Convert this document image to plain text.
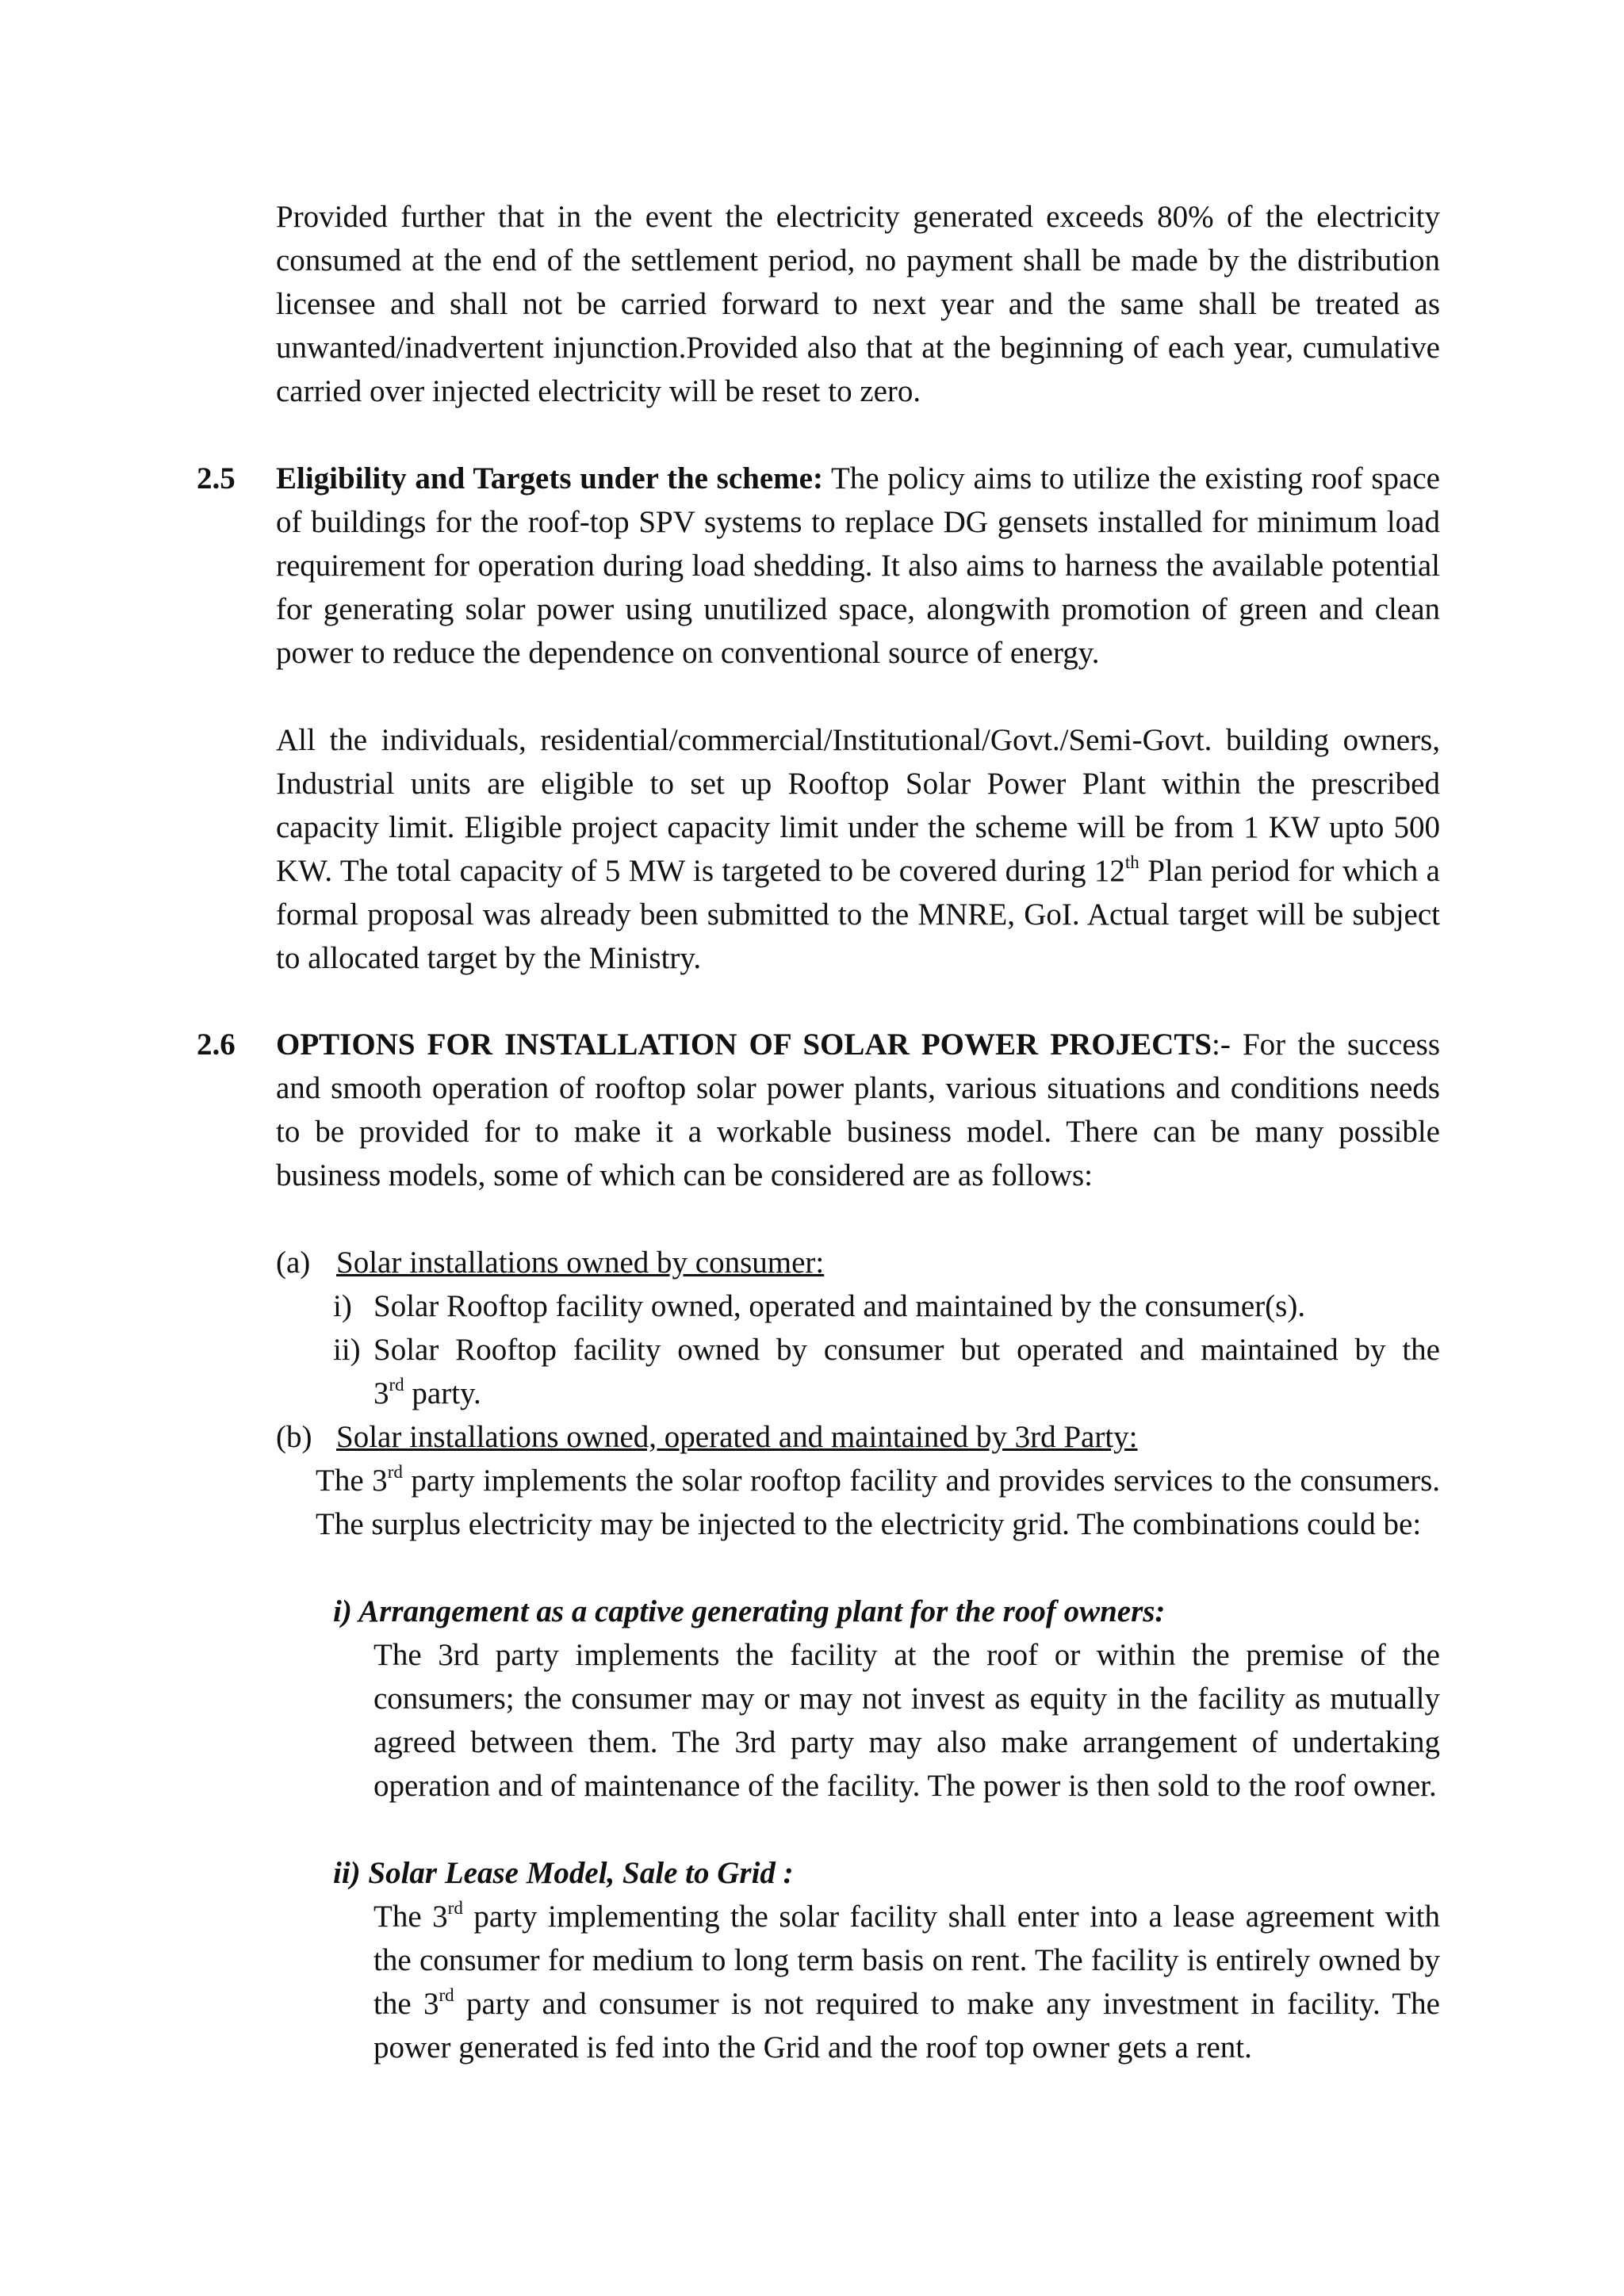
Provided further that in the event the electricity generated exceeds 80% of the electricity consumed at the end of the settlement period, no payment shall be made by the distribution licensee and shall not be carried forward to next year and the same shall be treated as unwanted/inadvertent injunction.Provided also that at the beginning of each year, cumulative carried over injected electricity will be reset to zero.
2.5 Eligibility and Targets under the scheme: The policy aims to utilize the existing roof space of buildings for the roof-top SPV systems to replace DG gensets installed for minimum load requirement for operation during load shedding. It also aims to harness the available potential for generating solar power using unutilized space, alongwith promotion of green and clean power to reduce the dependence on conventional source of energy.
All the individuals, residential/commercial/Institutional/Govt./Semi-Govt. building owners, Industrial units are eligible to set up Rooftop Solar Power Plant within the prescribed capacity limit. Eligible project capacity limit under the scheme will be from 1 KW upto 500 KW. The total capacity of 5 MW is targeted to be covered during 12th Plan period for which a formal proposal was already been submitted to the MNRE, GoI. Actual target will be subject to allocated target by the Ministry.
2.6 OPTIONS FOR INSTALLATION OF SOLAR POWER PROJECTS:- For the success and smooth operation of rooftop solar power plants, various situations and conditions needs to be provided for to make it a workable business model. There can be many possible business models, some of which can be considered are as follows:
(a) Solar installations owned by consumer:
i) Solar Rooftop facility owned, operated and maintained by the consumer(s).
ii) Solar Rooftop facility owned by consumer but operated and maintained by the
3rd party.
(b) Solar installations owned, operated and maintained by 3rd Party:
The 3rd party implements the solar rooftop facility and provides services to the consumers. The surplus electricity may be injected to the electricity grid. The combinations could be:
i) Arrangement as a captive generating plant for the roof owners:
The 3rd party implements the facility at the roof or within the premise of the consumers; the consumer may or may not invest as equity in the facility as mutually agreed between them. The 3rd party may also make arrangement of undertaking operation and of maintenance of the facility. The power is then sold to the roof owner.
ii) Solar Lease Model, Sale to Grid :
The 3rd party implementing the solar facility shall enter into a lease agreement with the consumer for medium to long term basis on rent. The facility is entirely owned by the 3rd party and consumer is not required to make any investment in facility. The power generated is fed into the Grid and the roof top owner gets a rent.
